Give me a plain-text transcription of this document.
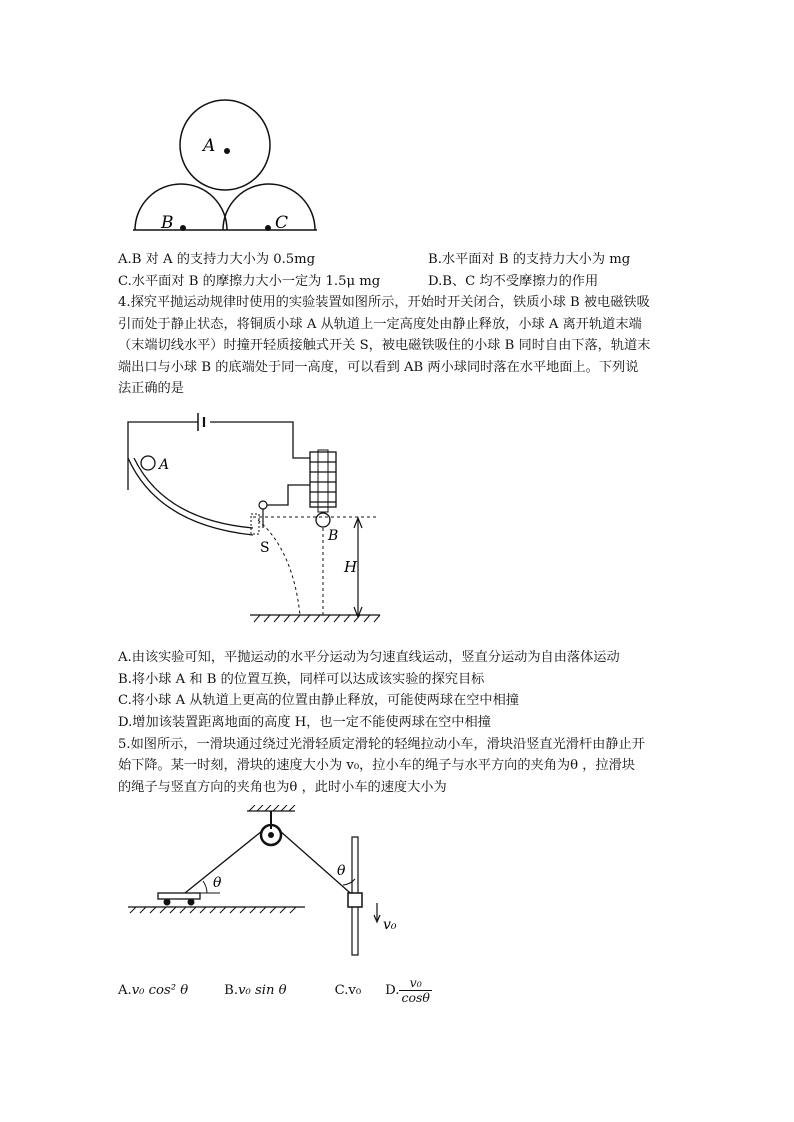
A
B	C
A.B 对 A 的支持力大小为 0.5mg	B.水平面对 B 的支持力大小为 mg
C.水平面对 B 的摩擦力大小一定为 1.5μ mg	D.B、C 均不受摩擦力的作用
4.探究平抛运动规律时使用的实验装置如图所示，开始时开关闭合，铁质小球 B 被电磁铁吸
引而处于静止状态，将铜质小球 A 从轨道上一定高度处由静止释放，小球 A 离开轨道末端
（末端切线水平）时撞开轻质接触式开关 S，被电磁铁吸住的小球 B 同时自由下落，轨道末
端出口与小球 B 的底端处于同一高度，可以看到 AB 两小球同时落在水平地面上。下列说
法正确的是
A
S
B
H
A.由该实验可知，平抛运动的水平分运动为匀速直线运动，竖直分运动为自由落体运动
B.将小球 A 和 B 的位置互换，同样可以达成该实验的探究目标
C.将小球 A 从轨道上更高的位置由静止释放，可能使两球在空中相撞
D.增加该装置距离地面的高度 H，也一定不能使两球在空中相撞
5.如图所示，一滑块通过绕过光滑轻质定滑轮的轻绳拉动小车，滑块沿竖直光滑杆由静止开
始下降。某一时刻，滑块的速度大小为 v₀，拉小车的绳子与水平方向的夹角为θ ，拉滑块
的绳子与竖直方向的夹角也为θ ，此时小车的速度大小为
θ
θ
v₀
A. v₀ cos² θ	B. v₀ sin θ	C.v₀ D. $\frac{\text{v₀}}{\cos\theta}$
